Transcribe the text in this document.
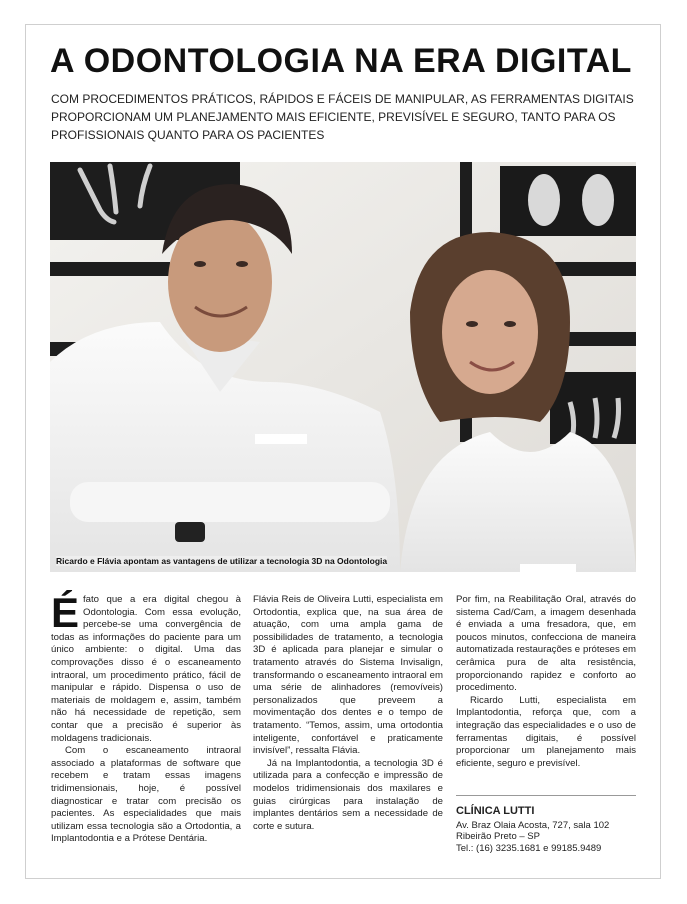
A ODONTOLOGIA NA ERA DIGITAL

COM PROCEDIMENTOS PRÁTICOS, RÁPIDOS E FÁCEIS DE MANIPULAR, AS FERRAMENTAS DIGITAIS PROPORCIONAM UM PLANEJAMENTO MAIS EFICIENTE, PREVISÍVEL E SEGURO, TANTO PARA OS PROFISSIONAIS QUANTO PARA OS PACIENTES

Ricardo e Flávia apontam as vantagens de utilizar a tecnologia 3D na Odontologia

Éfato que a era digital chegou à Odontologia. Com essa evolução, percebe-se uma convergência de todas as informações do paciente para um único ambiente: o digital. Uma das comprovações disso é o escaneamento intraoral, um procedimento prático, fácil de manipular e rápido. Dispensa o uso de materiais de moldagem e, assim, também não há necessidade de repetição, sem contar que a precisão é superior às moldagens tradicionais.

Com o escaneamento intraoral associado a plataformas de software que recebem e tratam essas imagens tridimensionais, hoje, é possível diagnosticar e tratar com precisão os pacientes. As especialidades que mais utilizam essa tecnologia são a Ortodontia, a Implantodontia e a Prótese Dentária.

Flávia Reis de Oliveira Lutti, especialista em Ortodontia, explica que, na sua área de atuação, com uma ampla gama de possibilidades de tratamento, a tecnologia 3D é aplicada para planejar e simular o tratamento através do Sistema Invisalign, transformando o escaneamento intraoral em uma série de alinhadores (removíveis) personalizados que preveem a movimentação dos dentes e o tempo de tratamento. “Temos, assim, uma ortodontia inteligente, confortável e praticamente invisível”, ressalta Flávia.

Já na Implantodontia, a tecnologia 3D é utilizada para a confecção e impressão de modelos tridimensionais dos maxilares e guias cirúrgicas para instalação de implantes dentários sem a necessidade de corte e sutura.

Por fim, na Reabilitação Oral, através do sistema Cad/Cam, a imagem desenhada é enviada a uma fresadora, que, em poucos minutos, confecciona de maneira automatizada restaurações e próteses em cerâmica pura de alta resistência, proporcionando rapidez e conforto ao procedimento.

Ricardo Lutti, especialista em Implantodontia, reforça que, com a integração das especialidades e o uso de ferramentas digitais, é possível proporcionar um planejamento mais eficiente, seguro e previsível.

CLÍNICA LUTTI
Av. Braz Olaia Acosta, 727, sala 102
Ribeirão Preto – SP
Tel.: (16) 3235.1681 e 99185.9489
